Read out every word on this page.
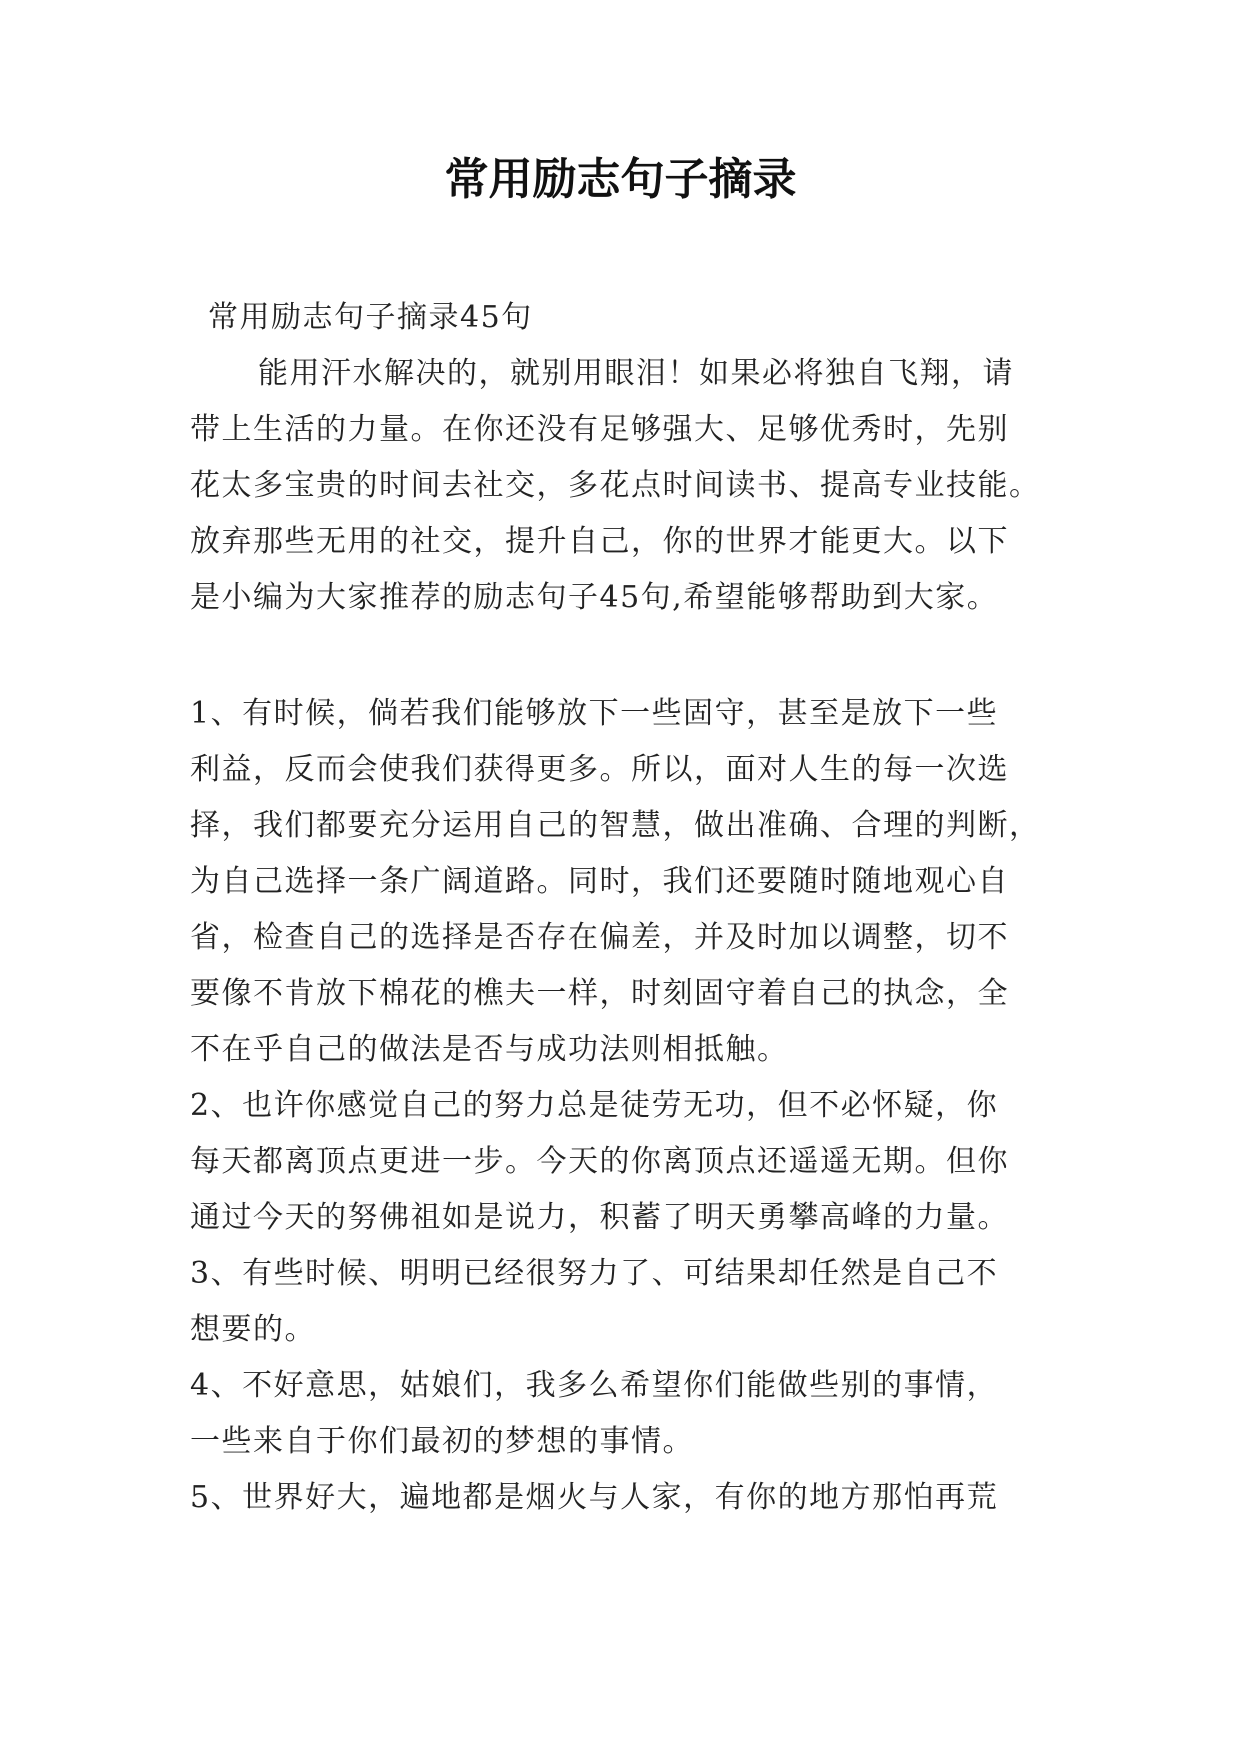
常用励志句子摘录
常用励志句子摘录45句
能用汗水解决的，就别用眼泪！如果必将独自飞翔，请
带上生活的力量。在你还没有足够强大、足够优秀时，先别
花太多宝贵的时间去社交，多花点时间读书、提高专业技能。
放弃那些无用的社交，提升自己，你的世界才能更大。以下
是小编为大家推荐的励志句子45句,希望能够帮助到大家。
1、有时候，倘若我们能够放下一些固守，甚至是放下一些
利益，反而会使我们获得更多。所以，面对人生的每一次选
择，我们都要充分运用自己的智慧，做出准确、合理的判断，
为自己选择一条广阔道路。同时，我们还要随时随地观心自
省，检查自己的选择是否存在偏差，并及时加以调整，切不
要像不肯放下棉花的樵夫一样，时刻固守着自己的执念，全
不在乎自己的做法是否与成功法则相抵触。
2、也许你感觉自己的努力总是徒劳无功，但不必怀疑，你
每天都离顶点更进一步。今天的你离顶点还遥遥无期。但你
通过今天的努佛祖如是说力，积蓄了明天勇攀高峰的力量。
3、有些时候、明明已经很努力了、可结果却任然是自己不
想要的。
4、不好意思，姑娘们，我多么希望你们能做些别的事情，
一些来自于你们最初的梦想的事情。
5、世界好大，遍地都是烟火与人家，有你的地方那怕再荒
